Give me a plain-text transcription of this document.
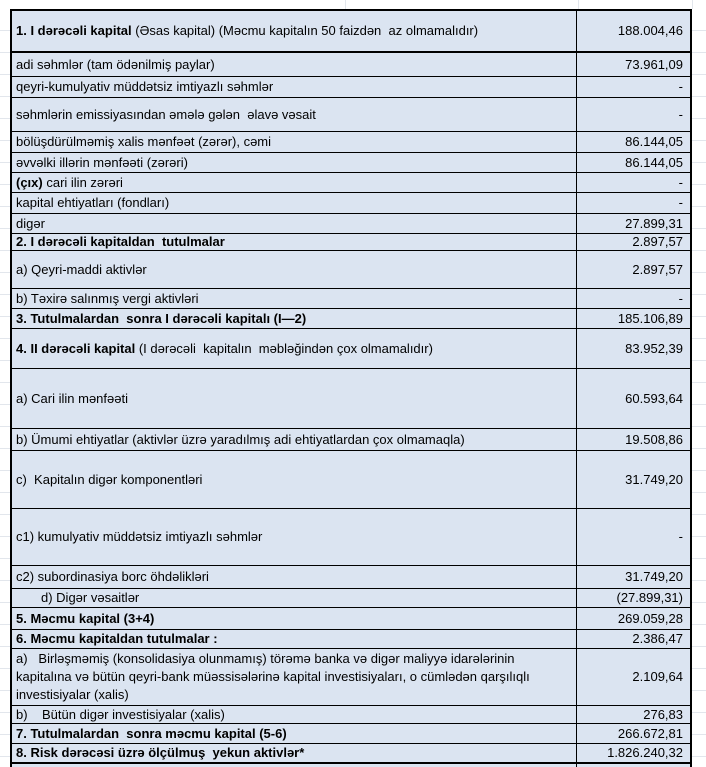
1. I dərəcəli kapital (Əsas kapital) (Məcmu kapitalın 50 faizdən  az olmamalıdır)	188.004,46
adi səhmlər (tam ödənilmiş paylar)	73.961,09
qeyri-kumulyativ müddətsiz imtiyazlı səhmlər	-
səhmlərin emissiyasından əmələ gələn  əlavə vəsait	-
bölüşdürülməmiş xalis mənfəət (zərər), cəmi	86.144,05
əvvəlki illərin mənfəəti (zərəri)	86.144,05
(çıx) cari ilin zərəri	-
kapital ehtiyatları (fondları)	-
digər	27.899,31
2. I dərəcəli kapitaldan  tutulmalar	2.897,57
a) Qeyri-maddi aktivlər	2.897,57
b) Təxirə salınmış vergi aktivləri	-
3. Tutulmalardan  sonra I dərəcəli kapitalı (I—2)	185.106,89
4. II dərəcəli kapital (I dərəcəli  kapitalın  məbləğindən çox olmamalıdır)	83.952,39
a) Cari ilin mənfəəti	60.593,64
b) Ümumi ehtiyatlar (aktivlər üzrə yaradılmış adi ehtiyatlardan çox olmamaqla)	19.508,86
c)  Kapitalın digər komponentləri	31.749,20
c1) kumulyativ müddətsiz imtiyazlı səhmlər	-
c2) subordinasiya borc öhdəlikləri	31.749,20
d) Digər vəsaitlər	(27.899,31)
5. Məcmu kapital (3+4)	269.059,28
6. Məcmu kapitaldan tutulmalar :	2.386,47
a)   Birləşməmiş (konsolidasiya olunmamış) törəmə banka və digər maliyyə idarələrinin kapitalına və bütün qeyri-bank müəssisələrinə kapital investisiyaları, o cümlədən qarşılıqlı investisiyalar (xalis)
2.109,64
b)    Bütün digər investisiyalar (xalis)	276,83
7. Tutulmalardan  sonra məcmu kapital (5-6)	266.672,81
8. Risk dərəcəsi üzrə ölçülmuş  yekun aktivlər*	1.826.240,32
